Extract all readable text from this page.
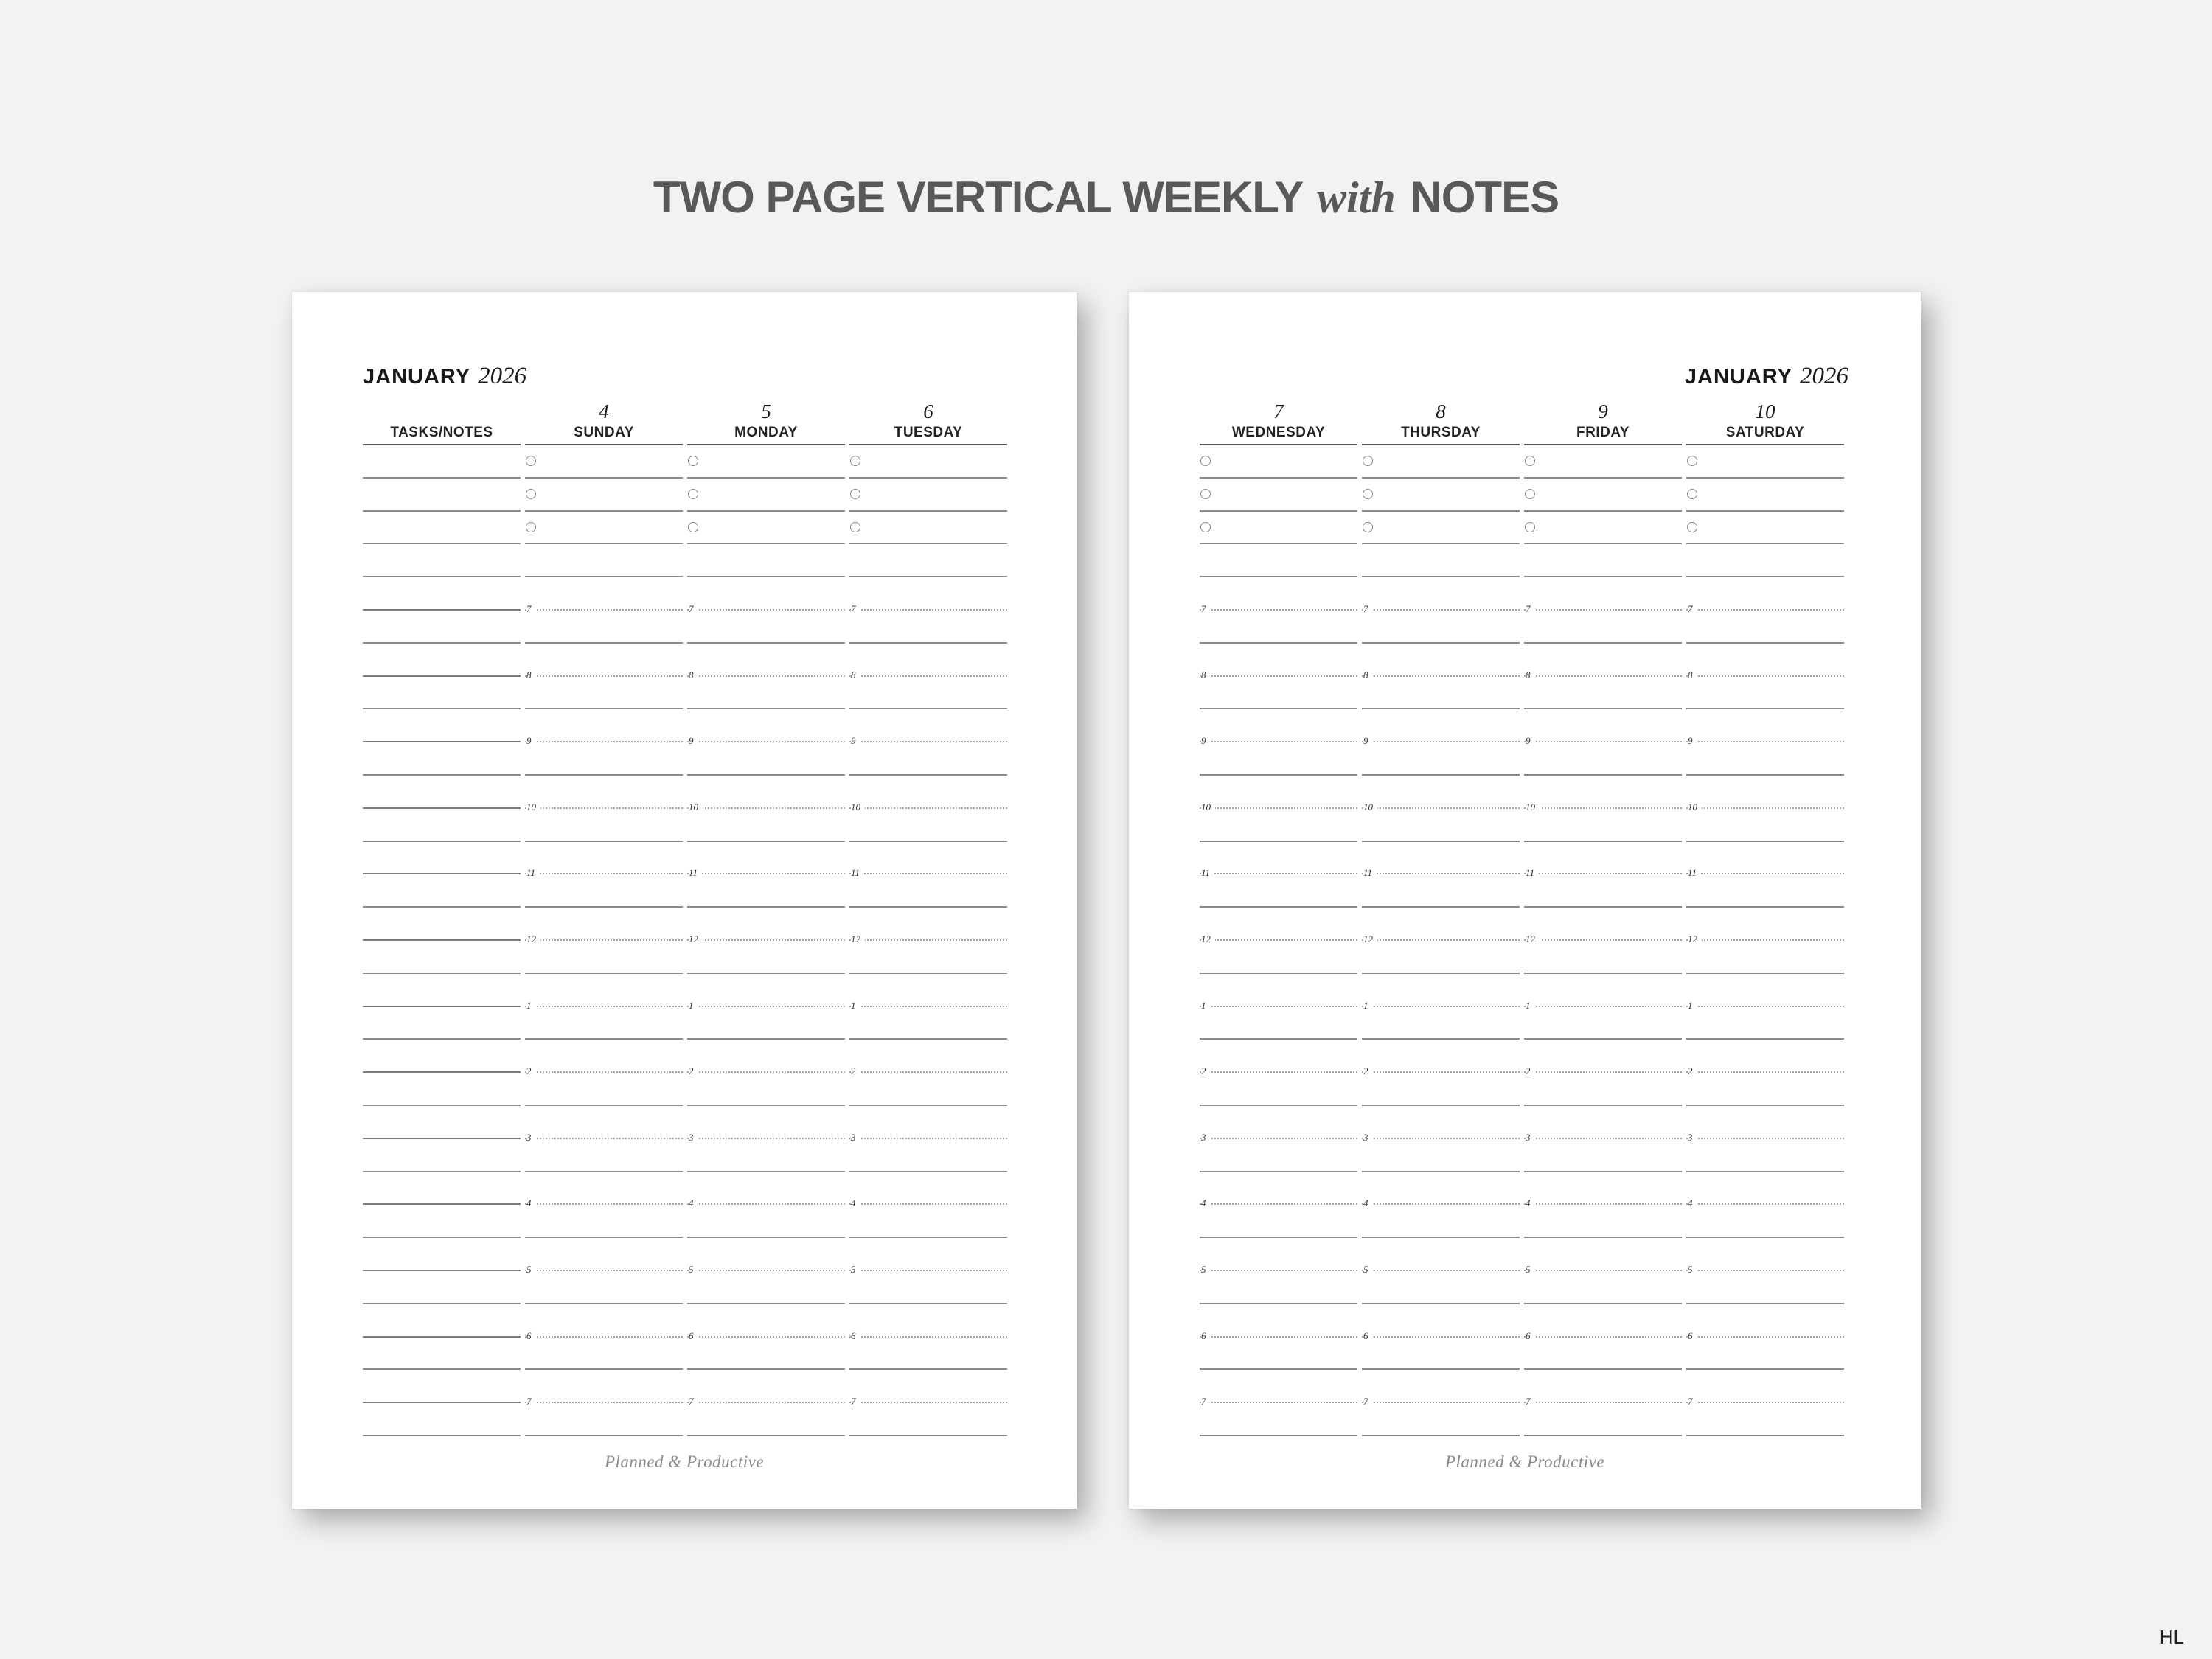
TWO PAGE VERTICAL WEEKLY with NOTES
JANUARY 2026
TASKS/NOTES
4
SUNDAY
7
8
9
10
11
12
1
2
3
4
5
6
7
5
MONDAY
7
8
9
10
11
12
1
2
3
4
5
6
7
6
TUESDAY
7
8
9
10
11
12
1
2
3
4
5
6
7
Planned & Productive
JANUARY 2026
7
WEDNESDAY
7
8
9
10
11
12
1
2
3
4
5
6
7
8
THURSDAY
7
8
9
10
11
12
1
2
3
4
5
6
7
9
FRIDAY
7
8
9
10
11
12
1
2
3
4
5
6
7
10
SATURDAY
7
8
9
10
11
12
1
2
3
4
5
6
7
Planned & Productive
HL
